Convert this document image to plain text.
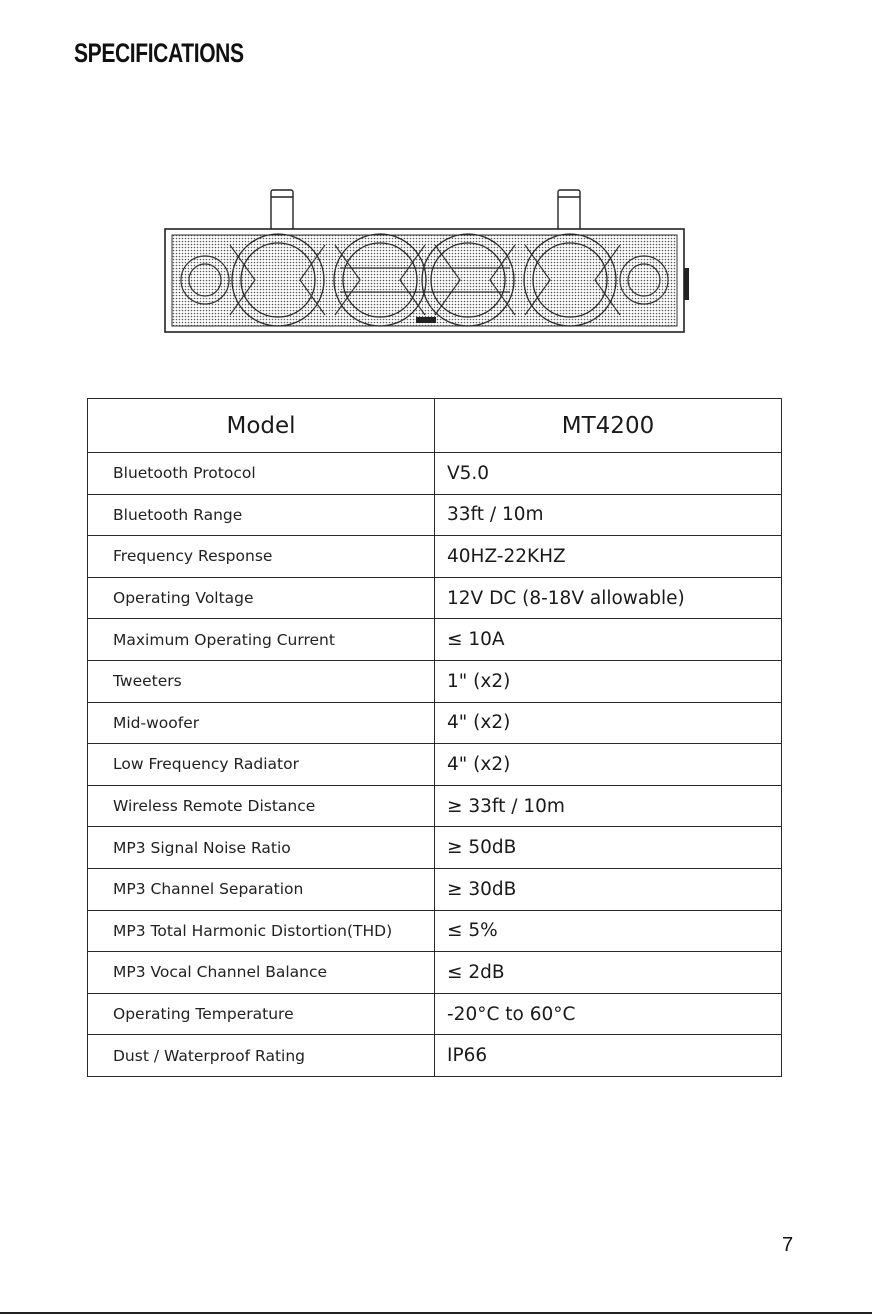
SPECIFICATIONS
Model	MT4200
Bluetooth Protocol	V5.0
Bluetooth Range	33ft / 10m
Frequency Response	40HZ-22KHZ
Operating Voltage	12V DC (8-18V allowable)
Maximum Operating Current	≤ 10A
Tweeters	1" (x2)
Mid-woofer	4" (x2)
Low Frequency Radiator	4" (x2)
Wireless Remote Distance	≥ 33ft / 10m
MP3 Signal Noise Ratio	≥ 50dB
MP3 Channel Separation	≥ 30dB
MP3 Total Harmonic Distortion(THD)	≤ 5%
MP3 Vocal Channel Balance	≤ 2dB
Operating Temperature	-20°C to 60°C
Dust / Waterproof Rating	IP66
7
